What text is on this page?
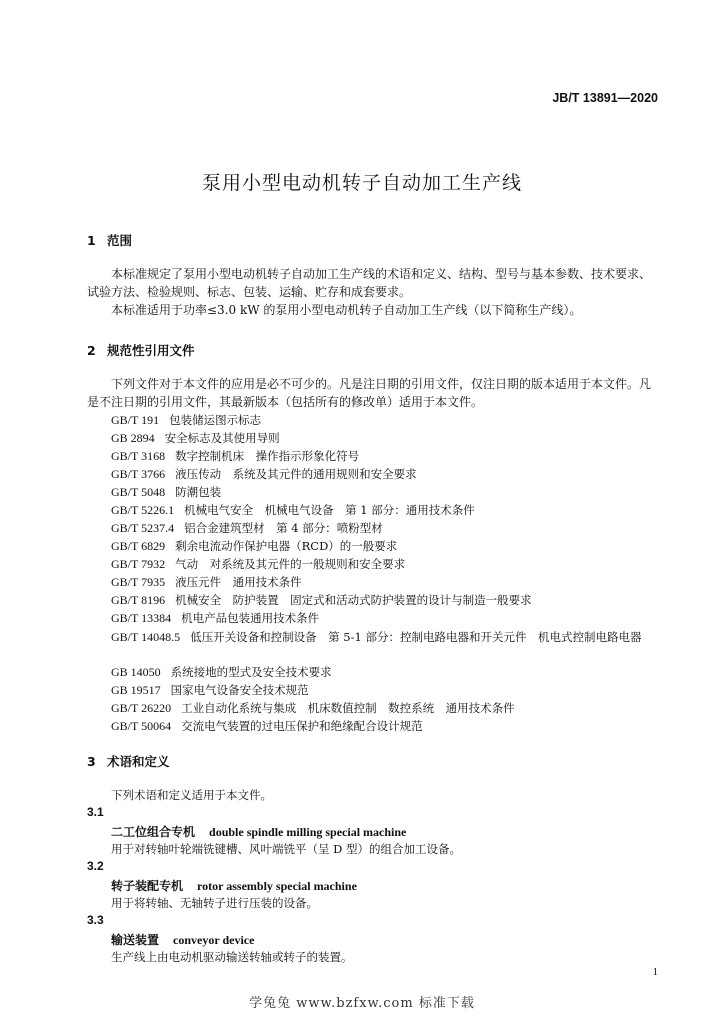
JB/T 13891—2020
泵用小型电动机转子自动加工生产线
1 范围
本标准规定了泵用小型电动机转子自动加工生产线的术语和定义、结构、型号与基本参数、技术要求、试验方法、检验规则、标志、包装、运输、贮存和成套要求。
本标准适用于功率≤3.0 kW 的泵用小型电动机转子自动加工生产线（以下简称生产线）。
2 规范性引用文件
下列文件对于本文件的应用是必不可少的。凡是注日期的引用文件，仅注日期的版本适用于本文件。凡是不注日期的引用文件，其最新版本（包括所有的修改单）适用于本文件。
GB/T 191 包装储运图示标志
GB 2894 安全标志及其使用导则
GB/T 3168 数字控制机床　操作指示形象化符号
GB/T 3766 液压传动　系统及其元件的通用规则和安全要求
GB/T 5048 防潮包装
GB/T 5226.1 机械电气安全　机械电气设备　第 1 部分：通用技术条件
GB/T 5237.4 铝合金建筑型材　第 4 部分：喷粉型材
GB/T 6829 剩余电流动作保护电器（RCD）的一般要求
GB/T 7932 气动　对系统及其元件的一般规则和安全要求
GB/T 7935 液压元件　通用技术条件
GB/T 8196 机械安全　防护装置　固定式和活动式防护装置的设计与制造一般要求
GB/T 13384 机电产品包装通用技术条件
GB/T 14048.5 低压开关设备和控制设备　第 5-1 部分：控制电路电器和开关元件　机电式控制电路电器
GB 14050 系统接地的型式及安全技术要求
GB 19517 国家电气设备安全技术规范
GB/T 26220 工业自动化系统与集成　机床数值控制　数控系统　通用技术条件
GB/T 50064 交流电气装置的过电压保护和绝缘配合设计规范
3 术语和定义
下列术语和定义适用于本文件。
3.1
二工位组合专机 double spindle milling special machine
用于对转轴叶轮端铣键槽、风叶端铣平（呈 D 型）的组合加工设备。
3.2
转子装配专机 rotor assembly special machine
用于将转轴、无轴转子进行压装的设备。
3.3
输送装置 conveyor device
生产线上由电动机驱动输送转轴或转子的装置。
1
学兔兔 www.bzfxw.com 标准下载
